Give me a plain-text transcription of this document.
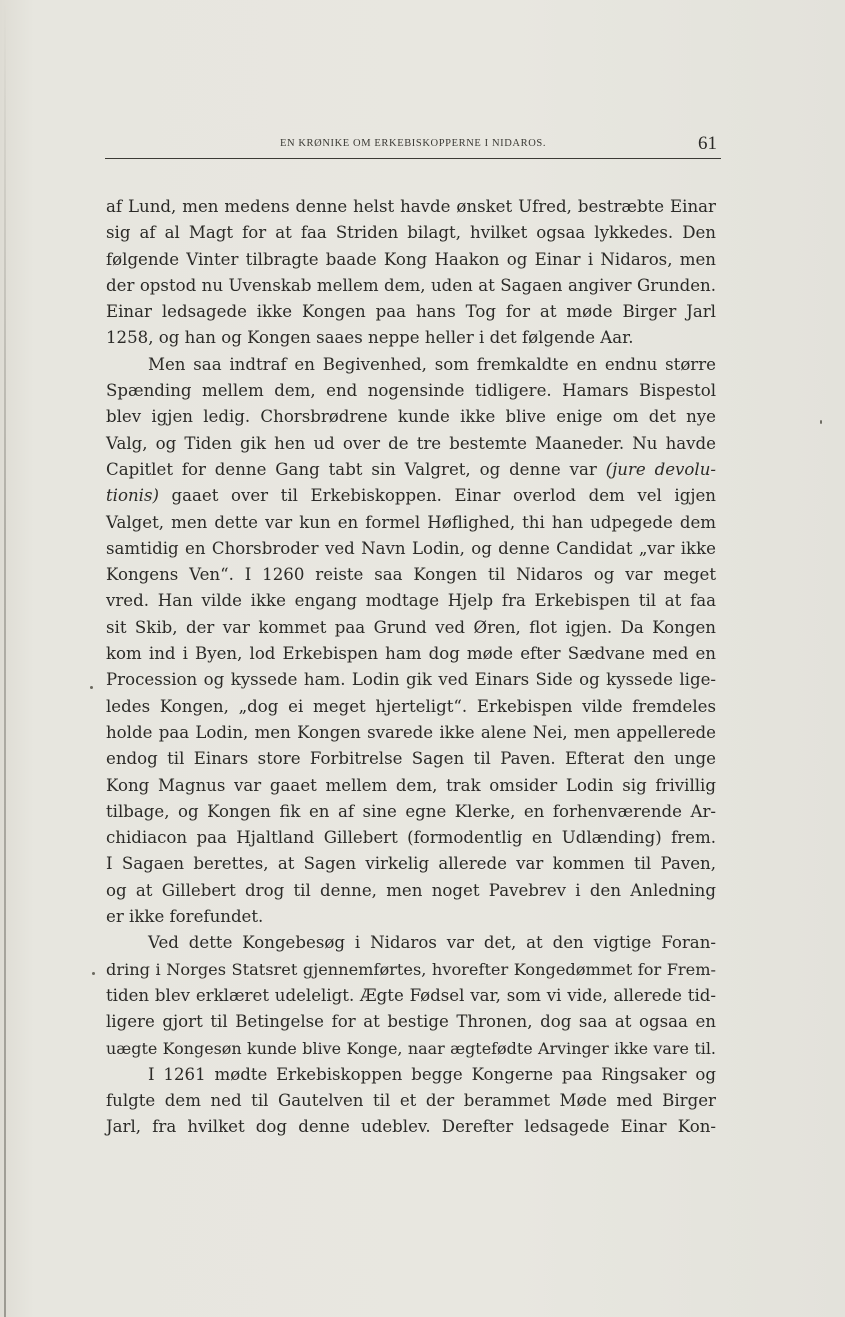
EN KRØNIKE OM ERKEBISKOPPERNE I NIDAROS.	61
af Lund, men medens denne helst havde ønsket Ufred, bestræbte Einar
sig af al Magt for at faa Striden bilagt, hvilket ogsaa lykkedes. Den
følgende Vinter tilbragte baade Kong Haakon og Einar i Nidaros, men
der opstod nu Uvenskab mellem dem, uden at Sagaen angiver Grunden.
Einar ledsagede ikke Kongen paa hans Tog for at møde Birger Jarl
1258, og han og Kongen saaes neppe heller i det følgende Aar.
Men saa indtraf en Begivenhed, som fremkaldte en endnu større
Spænding mellem dem, end nogensinde tidligere. Hamars Bispestol
blev igjen ledig. Chorsbrødrene kunde ikke blive enige om det nye
Valg, og Tiden gik hen ud over de tre bestemte Maaneder. Nu havde
Capitlet for denne Gang tabt sin Valgret, og denne var (jure devolu-
tionis) gaaet over til Erkebiskoppen. Einar overlod dem vel igjen
Valget, men dette var kun en formel Høflighed, thi han udpegede dem
samtidig en Chorsbroder ved Navn Lodin, og denne Candidat „var ikke
Kongens Ven“. I 1260 reiste saa Kongen til Nidaros og var meget
vred. Han vilde ikke engang modtage Hjelp fra Erkebispen til at faa
sit Skib, der var kommet paa Grund ved Øren, flot igjen. Da Kongen
kom ind i Byen, lod Erkebispen ham dog møde efter Sædvane med en
Procession og kyssede ham. Lodin gik ved Einars Side og kyssede lige-
ledes Kongen, „dog ei meget hjerteligt“. Erkebispen vilde fremdeles
holde paa Lodin, men Kongen svarede ikke alene Nei, men appellerede
endog til Einars store Forbitrelse Sagen til Paven. Efterat den unge
Kong Magnus var gaaet mellem dem, trak omsider Lodin sig frivillig
tilbage, og Kongen fik en af sine egne Klerke, en forhenværende Ar-
chidiacon paa Hjaltland Gillebert (formodentlig en Udlænding) frem.
I Sagaen berettes, at Sagen virkelig allerede var kommen til Paven,
og at Gillebert drog til denne, men noget Pavebrev i den Anledning
er ikke forefundet.
Ved dette Kongebesøg i Nidaros var det, at den vigtige Foran-
dring i Norges Statsret gjennemførtes, hvorefter Kongedømmet for Frem-
tiden blev erklæret udeleligt. Ægte Fødsel var, som vi vide, allerede tid-
ligere gjort til Betingelse for at bestige Thronen, dog saa at ogsaa en
uægte Kongesøn kunde blive Konge, naar ægtefødte Arvinger ikke vare til.
I 1261 mødte Erkebiskoppen begge Kongerne paa Ringsaker og
fulgte dem ned til Gautelven til et der berammet Møde med Birger
Jarl, fra hvilket dog denne udeblev. Derefter ledsagede Einar Kon-
